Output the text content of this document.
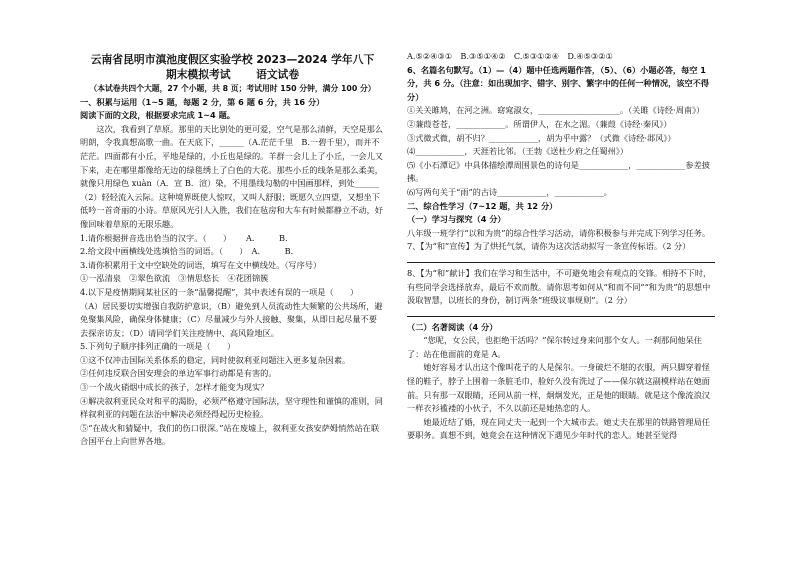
云南省昆明市滇池度假区实验学校 2023—2024 学年八下

期末模拟考试　　 语文试卷

（本试卷共四个大题，27 个小题，共 8 页；考试用时 150 分钟，满分 100 分）

一、积累与运用（1~5 题，每题 2 分，第 6 题 6 分，共 16 分）

阅读下面的文段，根据要求完成 1~4 题。

这次，我看到了草原。那里的天比别处的更可爱，空气是那么清鲜，天空是那么明朗，令我真想高歌一曲。在天底下，______（A.茫茫千里　B.一碧千里），而并不茫茫。四面都有小丘，平地是绿的，小丘也是绿的。羊群一会儿上了小丘，一会儿又下来，走在哪里都像给无边的绿毯绣上了白色的大花。那些小丘的线条是那么柔美，就像只用绿色 xuàn（A．宣 B．渲）染，不用墨线勾勒的中国画那样，到处______（2）轻轻流入云际。这种境界既使人惊叹，又叫人舒服；既愿久立四望，又想坐下低吟一首奇丽的小诗。草原风光引人入胜，我们在毡房和大车有时候都静立不动，好像回味着草原的无限乐趣。

1.请你根据拼音选出恰当的汉字。（　　）　　 A.　　　B.

2.给文段中画横线处选填恰当的词语。（　　）　A.　　　B.

3.请你积累用于文中空缺处的词语，填写在文中横线处。（写序号）

①一泓清泉　②翠色欲流　③情思悠长　④花团锦簇

4.以下是疫情期间某社区的一条“温馨提醒”，其中表述有误的一项是（　　）

（A）居民要切实增强自我防护意识，（B）避免到人员流动性大频繁的公共场所，避免聚集风险，确保身体健康；（C）尽量减少与外人接触、聚集，从即日起尽量不要去探亲访友；（D）请同学们关注疫情中、高风险地区。

5.下列句子顺序排列正确的一项是（　　）

①这不仅冲击国际关系体系的稳定，同时使叙利亚问题注入更多复杂因素。

②任何违反联合国安理会的单边军事行动都是有害的。

③一个战火硝烟中成长的孩子，怎样才能变为现实？

④解决叙利亚民众对和平的渴盼，必须严格遵守国际法，坚守理性和谨慎的准则，同样叙利亚的问题在法治中解决必须经得起历史检验。

⑤“在战火和猜疑中，我们的伤口很深。”站在废墟上，叙利亚女孩安萨姆悄然站在联合国平台上向世界各地。

A.⑤②④③①　B.③⑤①④②　C.⑤③①②④　D.④⑤③②①

6、名篇名句默写。（1）—（4）题中任选两题作答，（5）、（6）小题必答，每空 1 分，共 6 分。（注意：如出现加字、错字、别字、繁字中的任何一种情况，该空不得分）

①关关雎鸠，在河之洲。窈窕淑女，____________________。（关雎《诗经·周南》）

②蒹葭苍苍，____________。所谓伊人，在水之湄。（蒹葭《诗经·秦风》）

③式微式微，胡不归？____________，胡为乎中露？（式微《诗经·邶风》）

⑷____________，天涯若比邻。（王勃《送杜少府之任蜀州》）

⑸《小石潭记》中具体描绘潭周围景色的诗句是____________，____________参差披拂。

⑹写两句关于“雨”的古诗____________，____________。

二、综合性学习（7~12 题，共 12 分）

（一）学习与探究（4 分）

八年级一班学行“以和为贵”的综合性学习活动，请你积极参与并完成下列学习任务。

7、【为“和”宣传】为了烘托气氛，请你为这次活动拟写一条宣传标语。（2 分）

8、【为“和”献计】我们在学习和生活中，不可避免地会有观点的交锋。相持不下时，有些同学会选择放弃，最后不欢而散。请你思考如何从“和而不同”“和为贵”的思想中汲取智慧，以班长的身份，制订两条“班级议事规则”。（2 分）

（二）名著阅读（4 分）

“您呢，女公民，也拒绝干活吗？”保尔转过身来问那个女人。一刹那间他呆住了：站在他面前的竟是 A。

她好容易才认出这个像叫花子的人是保尔。一身破烂不堪的衣服，两只脚穿着怪怪的鞋子，脖子上围着一条脏毛巾，脸好久没有洗过了——保尔就这副模样站在她面前。只有那一双眼睛，还同从前一样，炯炯发光，正是他的眼睛。就是这个像流浪汉一样衣衫褴褛的小伙子，不久以前还是她热恋的人。

她最近结了婚，现在同丈夫一起到一个大城市去。她丈夫在那里的铁路管理局任要职务。真想不到，她竟会在这种情况下遇见少年时代的恋人。她甚至觉得
